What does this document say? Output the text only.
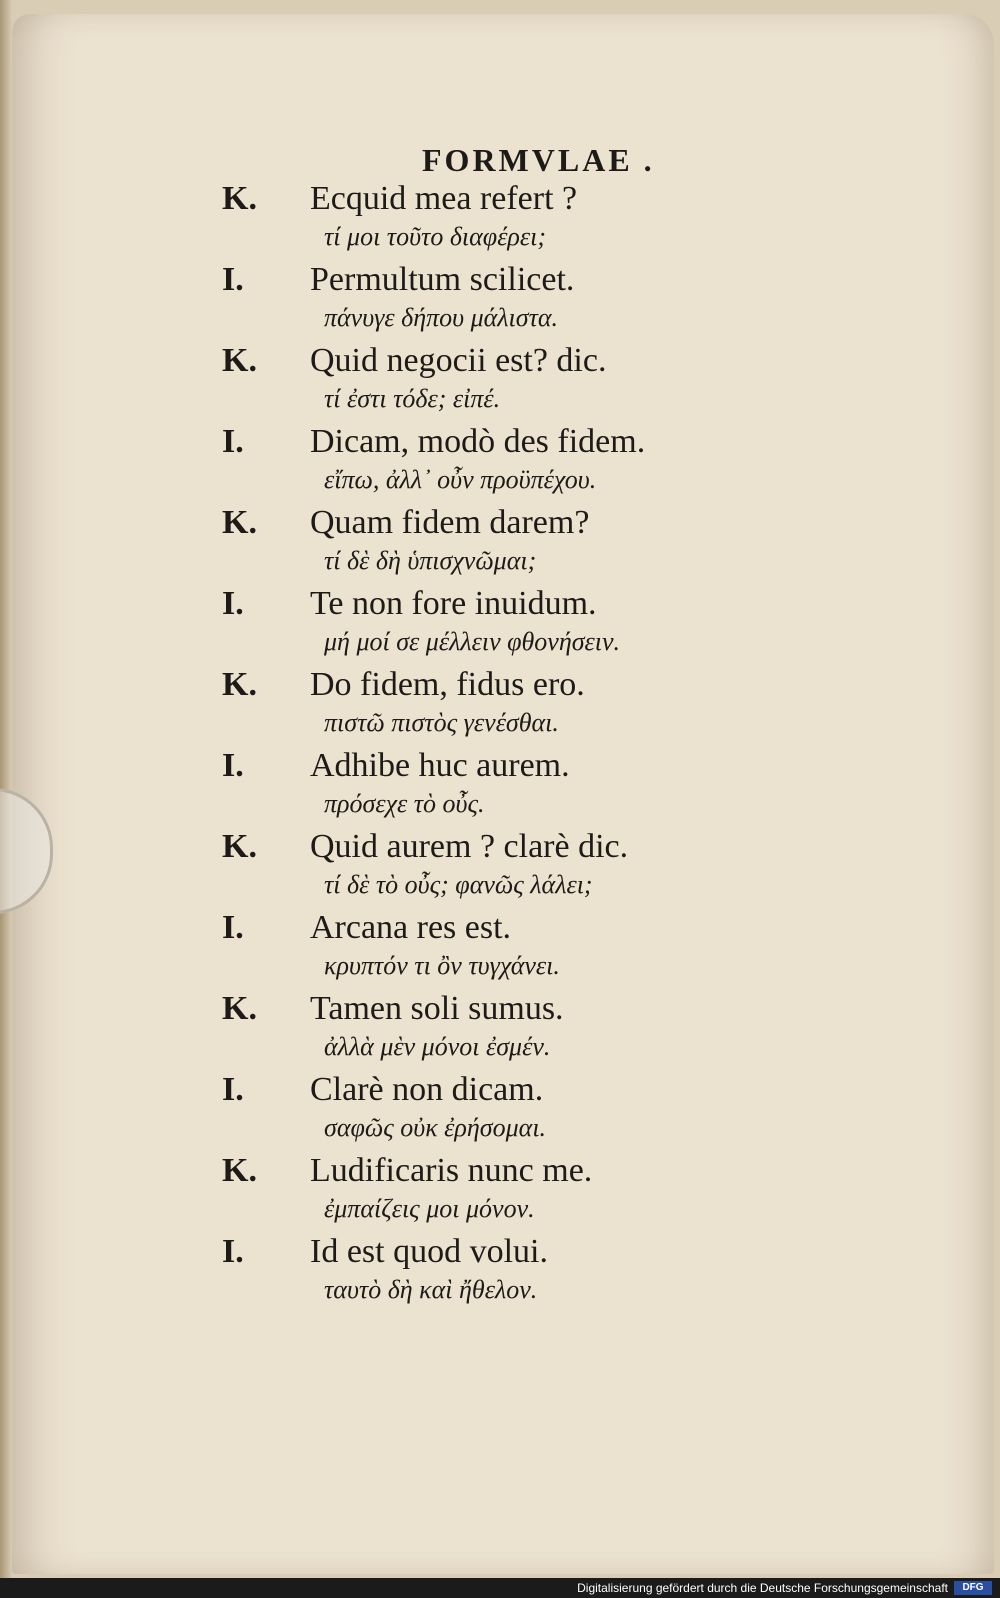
FORMVLAE .
K.	Ecquid mea refert ?
τί μοι τοῦτο διαφέρει;
I.	Permultum scilicet.
πάνυγε δήπου μάλιστα.
K.	Quid negocii est? dic.
τί ἐστι τόδε; εἰπέ.
I.	Dicam, modò des fidem.
εἴπω, ἀλλ᾽ οὖν προϋπέχου.
K.	Quam fidem darem?
τί δὲ δὴ ὑπισχνῶμαι;
I.	Te non fore inuidum.
μή μοί σε μέλλειν φθονήσειν.
K.	Do fidem, fidus ero.
πιστῶ πιστὸς γενέσθαι.
I.	Adhibe huc aurem.
πρόσεχε τὸ οὖς.
K.	Quid aurem ? clarè dic.
τί δὲ τὸ οὖς; φανῶς λάλει;
I.	Arcana res est.
κρυπτόν τι ὂν τυγχάνει.
K.	Tamen soli sumus.
ἀλλὰ μὲν μόνοι ἐσμέν.
I.	Clarè non dicam.
σαφῶς οὐκ ἐρήσομαι.
K.	Ludificaris nunc me.
ἐμπαίζεις μοι μόνον.
I.	Id est quod volui.
ταυτὸ δὴ καὶ ἤθελον.
Digitalisierung gefördert durch die Deutsche Forschungsgemeinschaft	DFG
